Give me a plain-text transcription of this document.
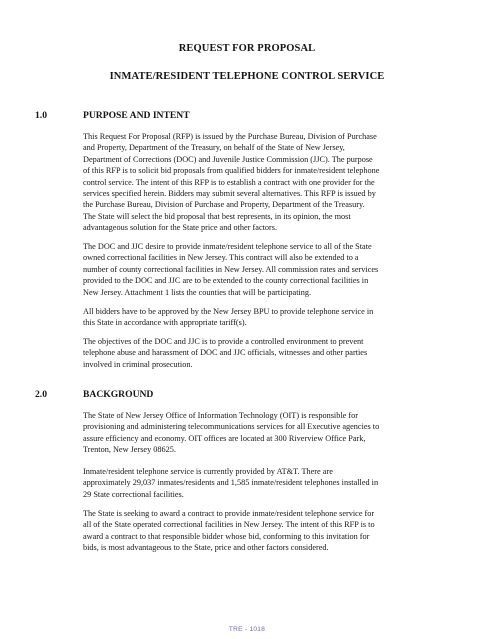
REQUEST FOR PROPOSAL
INMATE/RESIDENT TELEPHONE CONTROL SERVICE
1.0	PURPOSE AND INTENT
This Request For Proposal (RFP) is issued by the Purchase Bureau, Division of Purchase
and Property, Department of the Treasury, on behalf of the State of New Jersey,
Department of Corrections (DOC) and Juvenile Justice Commission (JJC). The purpose
of this RFP is to solicit bid proposals from qualified bidders for inmate/resident telephone
control service. The intent of this RFP is to establish a contract with one provider for the
services specified herein. Bidders may submit several alternatives. This RFP is issued by
the Purchase Bureau, Division of Purchase and Property, Department of the Treasury.
The State will select the bid proposal that best represents, in its opinion, the most
advantageous solution for the State price and other factors.
The DOC and JJC desire to provide inmate/resident telephone service to all of the State
owned correctional facilities in New Jersey. This contract will also be extended to a
number of county correctional facilities in New Jersey. All commission rates and services
provided to the DOC and JJC are to be extended to the county correctional facilities in
New Jersey. Attachment 1 lists the counties that will be participating.
All bidders have to be approved by the New Jersey BPU to provide telephone service in
this State in accordance with appropriate tariff(s).
The objectives of the DOC and JJC is to provide a controlled environment to prevent
telephone abuse and harassment of DOC and JJC officials, witnesses and other parties
involved in criminal prosecution.
2.0	BACKGROUND
The State of New Jersey Office of Information Technology (OIT) is responsible for
provisioning and administering telecommunications services for all Executive agencies to
assure efficiency and economy. OIT offices are located at 300 Riverview Office Park,
Trenton, New Jersey 08625.
Inmate/resident telephone service is currently provided by AT&T. There are
approximately 29,037 inmates/residents and 1,585 inmate/resident telephones installed in
29 State correctional facilities.
The State is seeking to award a contract to provide inmate/resident telephone service for
all of the State operated correctional facilities in New Jersey. The intent of this RFP is to
award a contract to that responsible bidder whose bid, conforming to this invitation for
bids, is most advantageous to the State, price and other factors considered.
TRE - 1018
